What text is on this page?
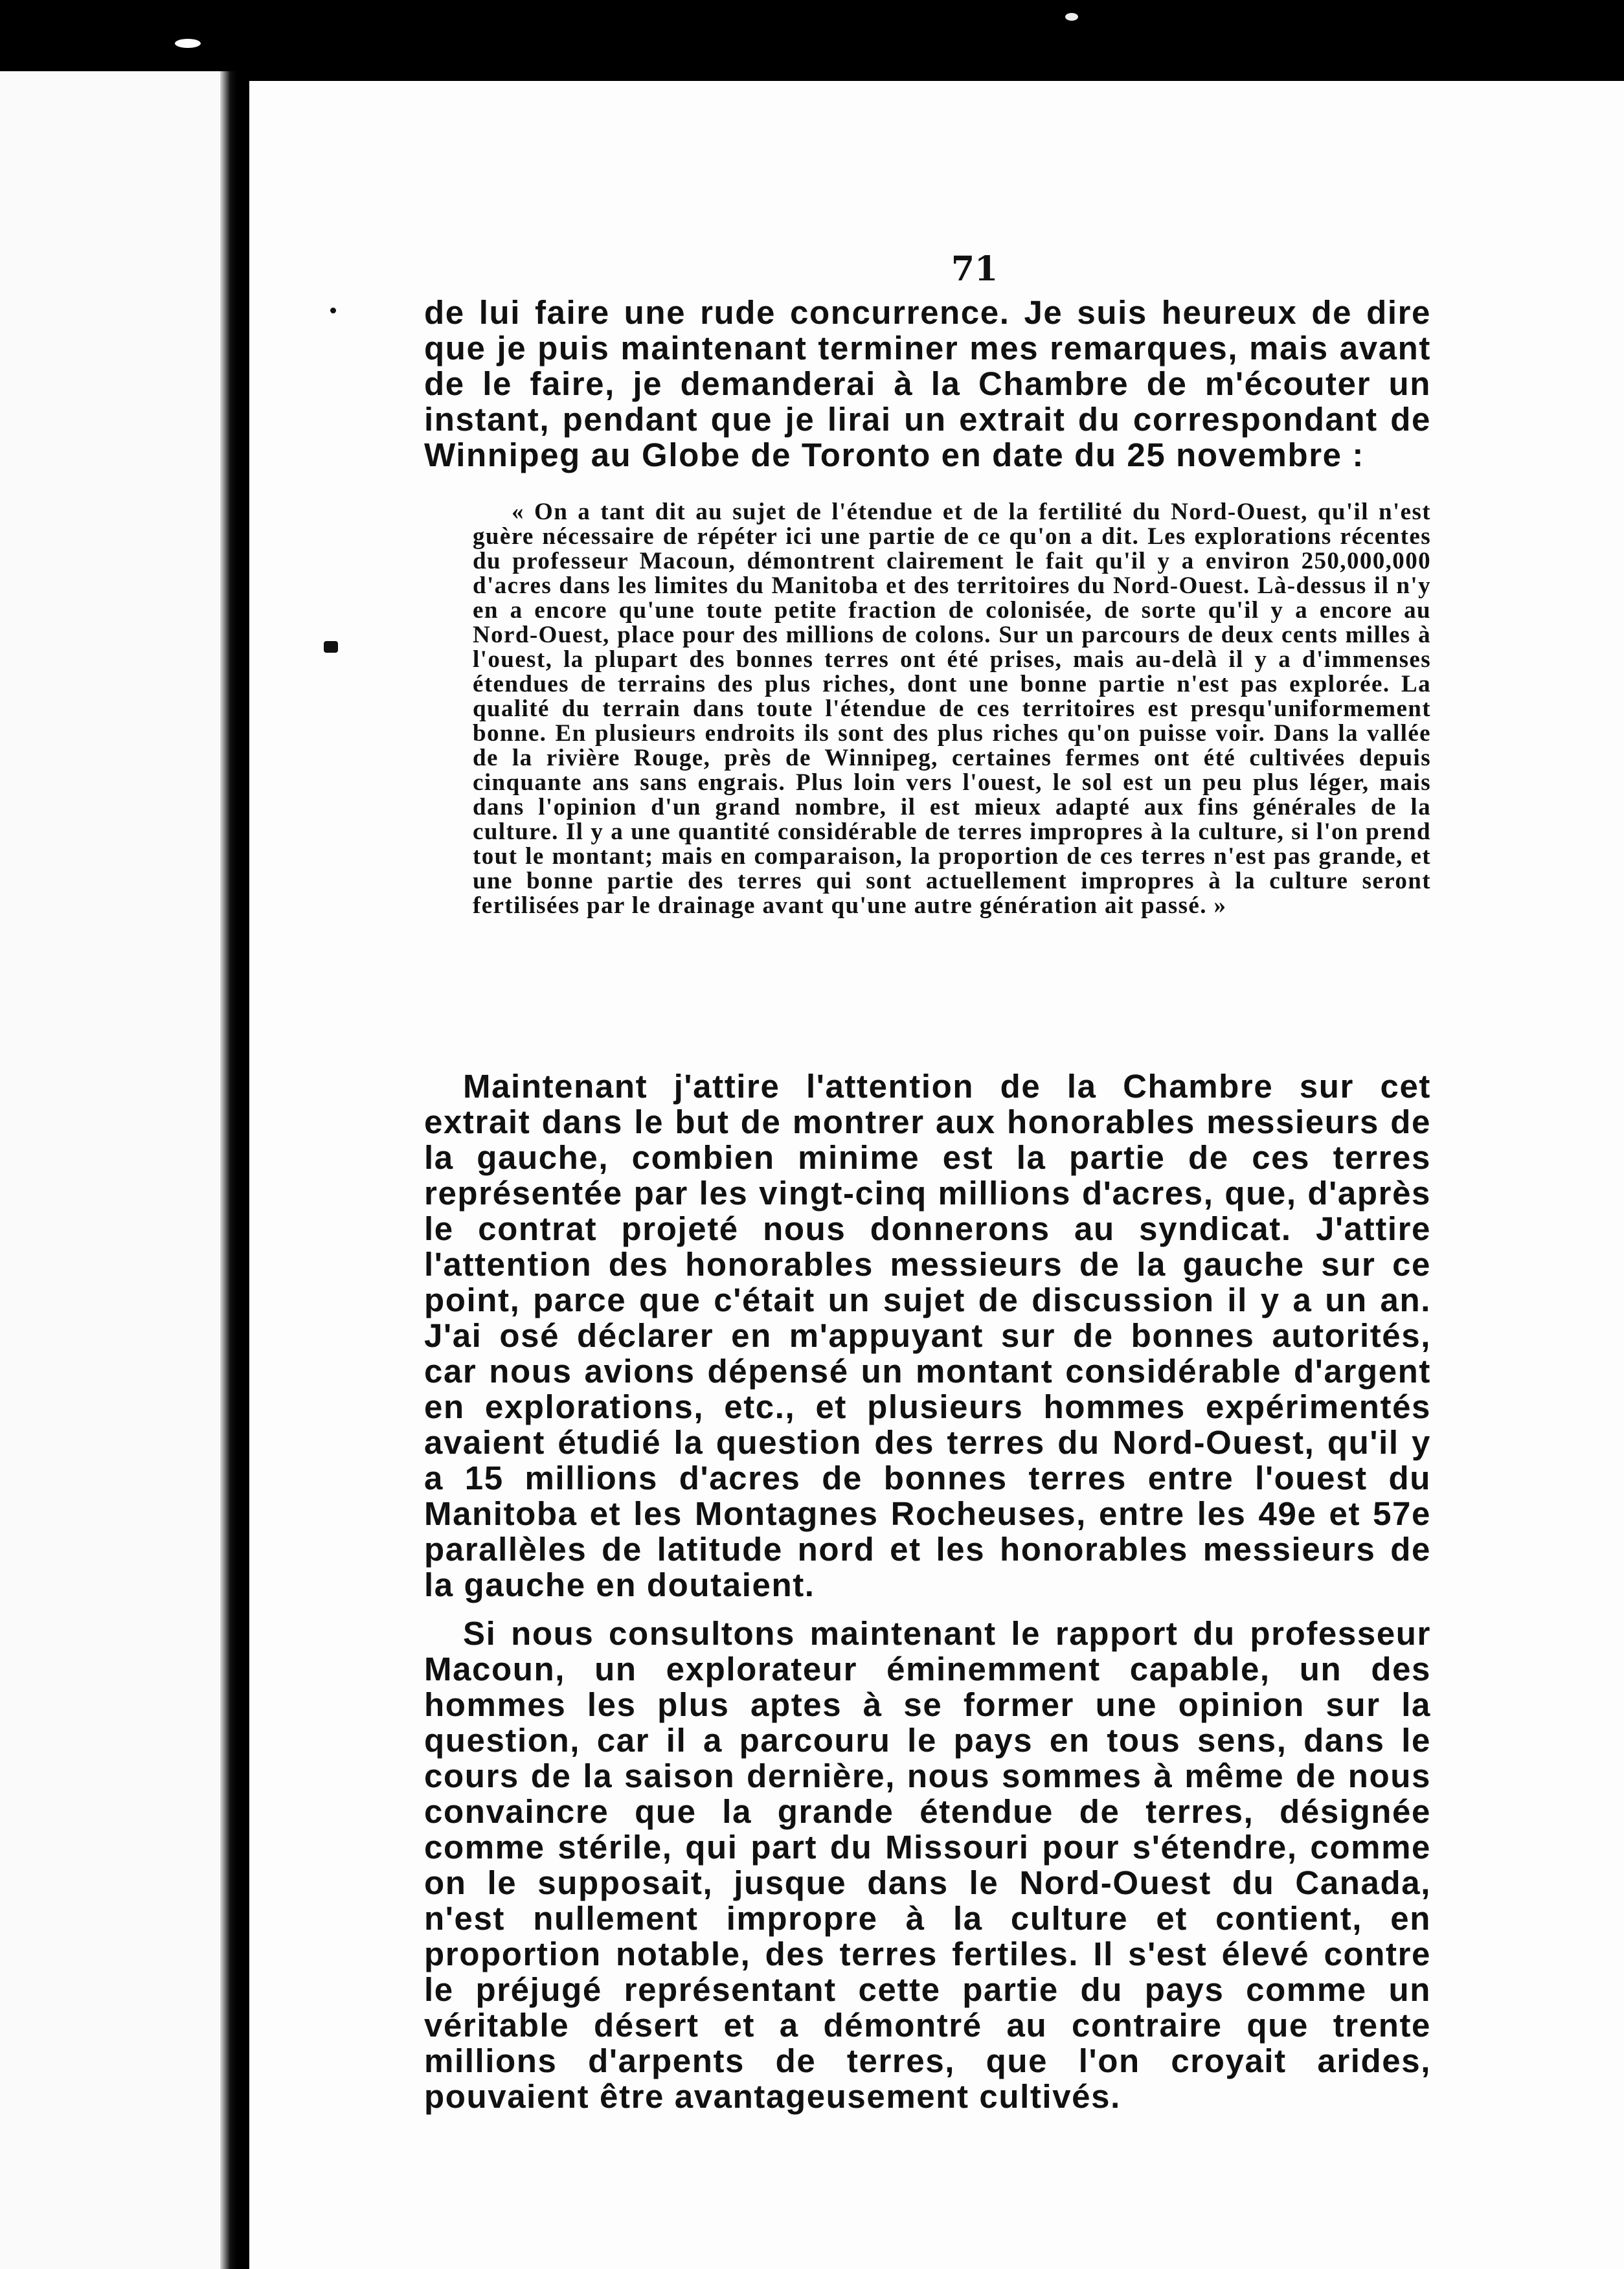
71
de lui faire une rude concurrence. Je suis heureux de dire que je puis maintenant terminer mes remarques, mais avant de le faire, je demanderai à la Chambre de m'écouter un instant, pendant que je lirai un extrait du correspondant de Winnipeg au Globe de Toronto en date du 25 novembre :
« On a tant dit au sujet de l'étendue et de la fertilité du Nord-Ouest, qu'il n'est guère nécessaire de répéter ici une partie de ce qu'on a dit. Les explorations récentes du professeur Macoun, démontrent clairement le fait qu'il y a environ 250,000,000 d'acres dans les limites du Manitoba et des territoires du Nord-Ouest. Là-dessus il n'y en a encore qu'une toute petite fraction de colonisée, de sorte qu'il y a encore au Nord-Ouest, place pour des millions de colons. Sur un parcours de deux cents milles à l'ouest, la plupart des bonnes terres ont été prises, mais au-delà il y a d'immenses étendues de terrains des plus riches, dont une bonne partie n'est pas explorée. La qualité du terrain dans toute l'étendue de ces territoires est presqu'uniformement bonne. En plusieurs endroits ils sont des plus riches qu'on puisse voir. Dans la vallée de la rivière Rouge, près de Winnipeg, certaines fermes ont été cultivées depuis cinquante ans sans engrais. Plus loin vers l'ouest, le sol est un peu plus léger, mais dans l'opinion d'un grand nombre, il est mieux adapté aux fins générales de la culture. Il y a une quantité considérable de terres impropres à la culture, si l'on prend tout le montant; mais en comparaison, la proportion de ces terres n'est pas grande, et une bonne partie des terres qui sont actuellement impropres à la culture seront fertilisées par le drainage avant qu'une autre génération ait passé. »
Maintenant j'attire l'attention de la Chambre sur cet extrait dans le but de montrer aux honorables messieurs de la gauche, combien minime est la partie de ces terres représentée par les vingt-cinq millions d'acres, que, d'après le contrat projeté nous donnerons au syndicat. J'attire l'attention des honorables messieurs de la gauche sur ce point, parce que c'était un sujet de discussion il y a un an. J'ai osé déclarer en m'appuyant sur de bonnes autorités, car nous avions dépensé un montant considérable d'argent en explorations, etc., et plusieurs hommes expérimentés avaient étudié la question des terres du Nord-Ouest, qu'il y a 15 millions d'acres de bonnes terres entre l'ouest du Manitoba et les Montagnes Rocheuses, entre les 49e et 57e parallèles de latitude nord et les honorables messieurs de la gauche en doutaient.
Si nous consultons maintenant le rapport du professeur Macoun, un explorateur éminemment capable, un des hommes les plus aptes à se former une opinion sur la question, car il a parcouru le pays en tous sens, dans le cours de la saison dernière, nous sommes à même de nous convaincre que la grande étendue de terres, désignée comme stérile, qui part du Missouri pour s'étendre, comme on le supposait, jusque dans le Nord-Ouest du Canada, n'est nullement impropre à la culture et contient, en proportion notable, des terres fertiles. Il s'est élevé contre le préjugé représentant cette partie du pays comme un véritable désert et a démontré au contraire que trente millions d'arpents de terres, que l'on croyait arides, pouvaient être avantageusement cultivés.
